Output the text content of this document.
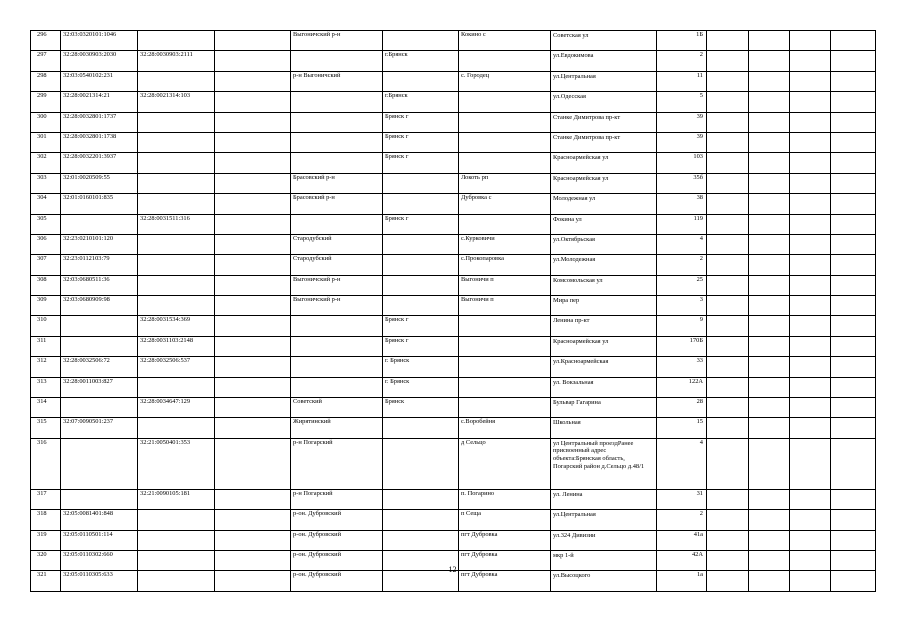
296	32:03:0320101:1046			Выгоничский р-н		Кокино с	Советская ул	1Б				
297	32:28:0030903:2030	32:28:0030903:2111			г.Брянск		ул.Евдокимова	2				
298	32:03:0540102:231			р-н Выгоничский		с. Городец	ул.Центральная	11				
299	32:28:0021314:21	32:28:0021314:103			г.Брянск		ул.Одесская	5				
300	32:28:0032801:1737				Брянск г		Станке Димитрова пр-кт	39				
301	32:28:0032801:1738				Брянск г		Станке Димитрова пр-кт	39				
302	32:28:0032201:3937				Брянск г		Красноармейская ул	103				
303	32:01:0020509:55			Брасовский р-н		Локоть рп	Красноармейская ул	35б				
304	32:01:0160101:835			Брасовский р-н		Дубровка с	Молодежная ул	38				
305		32:28:0031511:316			Брянск г		Фокина ул	119				
306	32:23:0210101:120			Стародубский		с.Курковичи	ул.Октябрьская	4				
307	32:23:0112103:79			Стародубский		с.Прокопаровка	ул.Молодежная	2				
308	32:03:0680511:36			Выгоничский р-н		Выгоничи п	Комсомольская ул	25				
309	32:03:0680909:98			Выгоничский р-н		Выгоничи п	Мира пер	3				
310		32:28:0031534:369			Брянск г		Ленина пр-кт	9				
311		32:28:0031103:2148			Брянск г		Красноармейская ул	170Б				
312	32:28:0032506:72	32:28:0032506:537			г. Брянск		ул.Красноармейская	33				
313	32:28:0011003:827				г. Брянск		ул. Вокзальная	122А				
314		32:28:0034647:129		Советский	Брянск		Бульвар Гагарина	28				
315	32:07:0090501:237			Жирятинский		с.Воробейня	Школьная	15				
316		32:21:0050401:353		р-н Погарский		д Сельцо	ул Центральный проездРанее присвоенный адрес объекта:Брянская область, Погарский район д.Сельцо д.48/1	4				
317		32:21:0090105:181		р-н Погарский		п. Погарино	ул. Ленина	31				
318	32:05:0081401:848			р-он. Дубровский		п Сеща	ул.Центральная	2				
319	32:05:0110501:114			р-он. Дубровский		пгт Дубровка	ул.324 Дивизии	41а				
320	32:05:0110302:660			р-он. Дубровский		пгт Дубровка	мкр 1-й	42А				
321	32:05:0110305:633			р-он. Дубровский		пгт Дубровка	ул.Высоцкого	1а				
12
